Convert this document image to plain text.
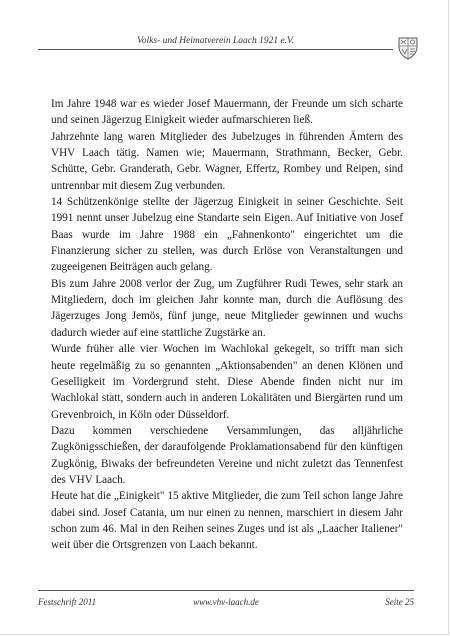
Volks- und Heimatverein Laach 1921 e.V.

Im Jahre 1948 war es wieder Josef Mauermann, der Freunde um sich scharte und seinen Jägerzug Einigkeit wieder aufmarschieren ließ.

Jahrzehnte lang waren Mitglieder des Jubelzuges in führenden Ämtern des VHV Laach tätig. Namen wie; Mauermann, Strathmann, Becker, Gebr. Schütte, Gebr. Granderath, Gebr. Wagner, Effertz, Rombey und Reipen, sind untrennbar mit diesem Zug verbunden.

14 Schützenkönige stellte der Jägerzug Einigkeit in seiner Geschichte. Seit 1991 nennt unser Jubelzug eine Standarte sein Eigen. Auf Initiative von Josef Baas wurde im Jahre 1988 ein „Fahnenkonto" eingerichtet um die Finanzierung sicher zu stellen, was durch Erlöse von Veranstaltungen und zugeeigenen Beiträgen auch gelang.

Bis zum Jahre 2008 verlor der Zug, um Zugführer Rudi Tewes, sehr stark an Mitgliedern, doch im gleichen Jahr konnte man, durch die Auflösung des Jägerzuges Jong Jemös, fünf junge, neue Mitglieder gewinnen und wuchs dadurch wieder auf eine stattliche Zugstärke an.

Wurde früher alle vier Wochen im Wachlokal gekegelt, so trifft man sich heute regelmäßig zu so genannten „Aktionsabenden" an denen Klönen und Geselligkeit im Vordergrund steht. Diese Abende finden nicht nur im Wachlokal statt, sondern auch in anderen Lokalitäten und Biergärten rund um Grevenbroich, in Köln oder Düsseldorf.

Dazu kommen verschiedene Versammlungen, das alljährliche Zugkönigsschießen, der daraufolgende Proklamationsabend für den künftigen Zugkönig, Biwaks der befreundeten Vereine und nicht zuletzt das Tennenfest des VHV Laach.

Heute hat die „Einigkeit" 15 aktive Mitglieder, die zum Teil schon lange Jahre dabei sind. Josef Catania, um nur einen zu nennen, marschiert in diesem Jahr schon zum 46. Mal in den Reihen seines Zuges und ist als „Laacher Italiener" weit über die Ortsgrenzen von Laach bekannt.

Festschrift 2011	www.vhv-laach.de	Seite 25
